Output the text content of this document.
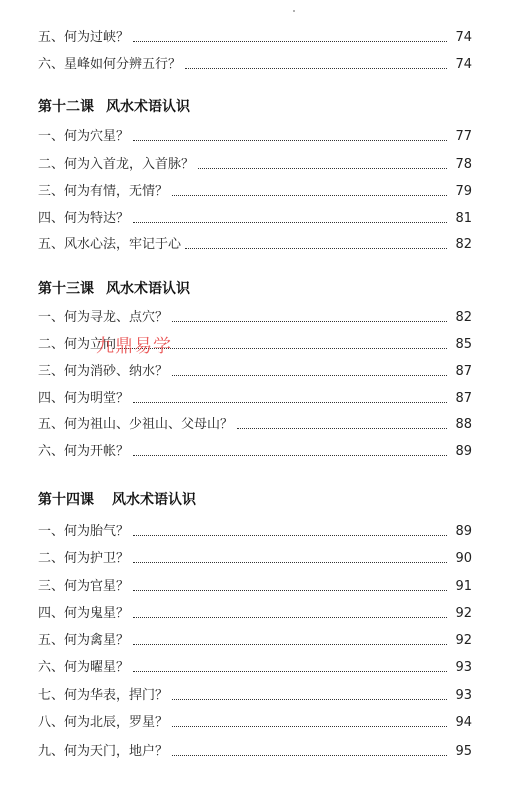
五、何为过峡？	74
六、星峰如何分辨五行？	74
第十二课 风水术语认识
一、何为穴星？	77
二、何为入首龙，入首脉？	78
三、何为有情，无情？	79
四、何为特达？	81
五、风水心法，牢记于心	82
第十三课 风水术语认识
一、何为寻龙、点穴？	82
二、何为立向	85
三、何为消砂、纳水？	87
四、何为明堂？	87
五、何为祖山、少祖山、父母山？	88
六、何为开帐？	89
第十四课 风水术语认识
一、何为胎气？	89
二、何为护卫？	90
三、何为官星？	91
四、何为鬼星？	92
五、何为禽星？	92
六、何为曜星？	93
七、何为华表，捍门？	93
八、何为北辰，罗星？	94
九、何为天门，地户？	95
九鼎易学
